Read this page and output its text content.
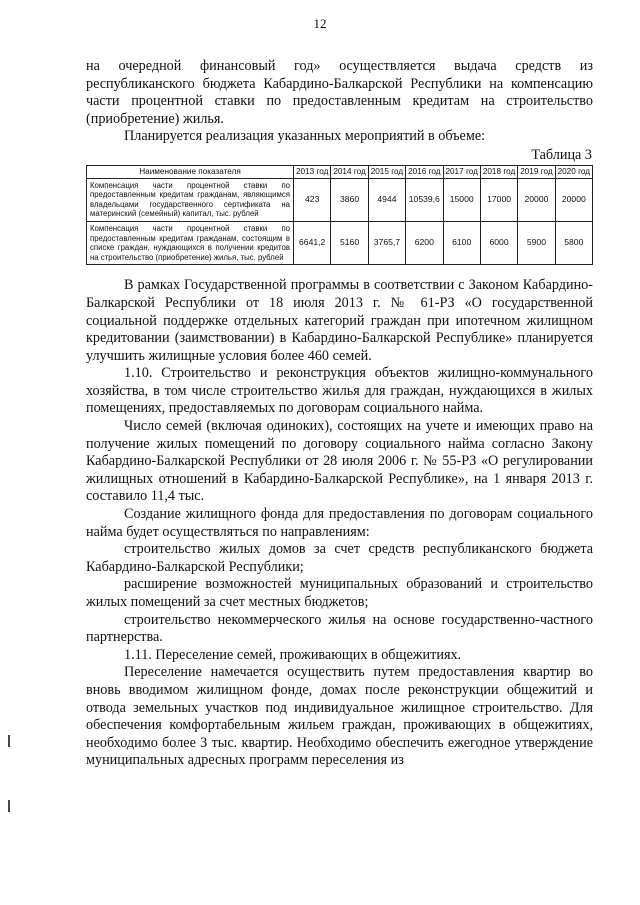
12

на очередной финансовый год» осуществляется выдача средств из республиканского бюджета Кабардино-Балкарской Республики на компенсацию части процентной ставки по предоставленным кредитам на строительство (приобретение) жилья.

Планируется реализация указанных мероприятий в объеме:

Таблица 3
Наименование показателя	2013 год	2014 год	2015 год	2016 год	2017 год	2018 год	2019 год	2020 год
Компенсация части процентной ставки по предоставленным кредитам гражданам, являющимся владельцами государственного сертификата на материнский (семейный) капитал, тыс. рублей	423	3860	4944	10539,6	15000	17000	20000	20000
Компенсация части процентной ставки по предоставленным кредитам гражданам, состоящим в списке граждан, нуждающихся в получении кредитов на строительство (приобретение) жилья, тыс. рублей	6641,2	5160	3765,7	6200	6100	6000	5900	5800

В рамках Государственной программы в соответствии с Законом Кабардино-Балкарской Республики от 18 июля 2013 г. № 61-РЗ «О государственной социальной поддержке отдельных категорий граждан при ипотечном жилищном кредитовании (заимствовании) в Кабардино-Балкарской Республике» планируется улучшить жилищные условия более 460 семей.

1.10. Строительство и реконструкция объектов жилищно-коммунального хозяйства, в том числе строительство жилья для граждан, нуждающихся в жилых помещениях, предоставляемых по договорам социального найма.

Число семей (включая одиноких), состоящих на учете и имеющих право на получение жилых помещений по договору социального найма согласно Закону Кабардино-Балкарской Республики от 28 июля 2006 г. № 55-РЗ «О регулировании жилищных отношений в Кабардино-Балкарской Республике», на 1 января 2013 г. составило 11,4 тыс.

Создание жилищного фонда для предоставления по договорам социального найма будет осуществляться по направлениям:

строительство жилых домов за счет средств республиканского бюджета Кабардино-Балкарской Республики;

расширение возможностей муниципальных образований и строительство жилых помещений за счет местных бюджетов;

строительство некоммерческого жилья на основе государственно-частного партнерства.

1.11. Переселение семей, проживающих в общежитиях.

Переселение намечается осуществить путем предоставления квартир во вновь вводимом жилищном фонде, домах после реконструкции общежитий и отвода земельных участков под индивидуальное жилищное строительство. Для обеспечения комфортабельным жильем граждан, проживающих в общежитиях, необходимо более 3 тыс. квартир. Необходимо обеспечить ежегодное утверждение муниципальных адресных программ переселения из
